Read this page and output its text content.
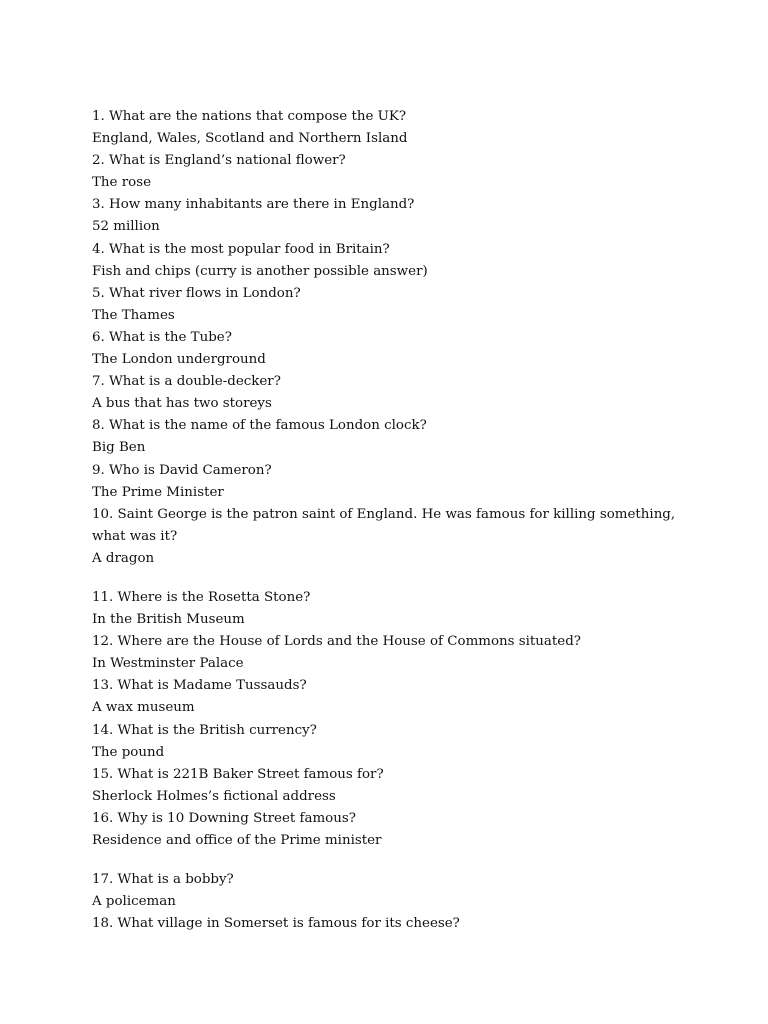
1. What are the nations that compose the UK?
England, Wales, Scotland and Northern Island
2. What is England’s national flower?
The rose
3. How many inhabitants are there in England?
52 million
4. What is the most popular food in Britain?
Fish and chips (curry is another possible answer)
5. What river flows in London?
The Thames
6. What is the Tube?
The London underground
7. What is a double-decker?
A bus that has two storeys
8. What is the name of the famous London clock?
Big Ben
9. Who is David Cameron?
The Prime Minister
10. Saint George is the patron saint of England. He was famous for killing something,
what was it?
A dragon
11. Where is the Rosetta Stone?
In the British Museum
12. Where are the House of Lords and the House of Commons situated?
In Westminster Palace
13. What is Madame Tussauds?
A wax museum
14. What is the British currency?
The pound
15. What is 221B Baker Street famous for?
Sherlock Holmes’s fictional address
16. Why is 10 Downing Street famous?
Residence and office of the Prime minister
17. What is a bobby?
A policeman
18. What village in Somerset is famous for its cheese?
